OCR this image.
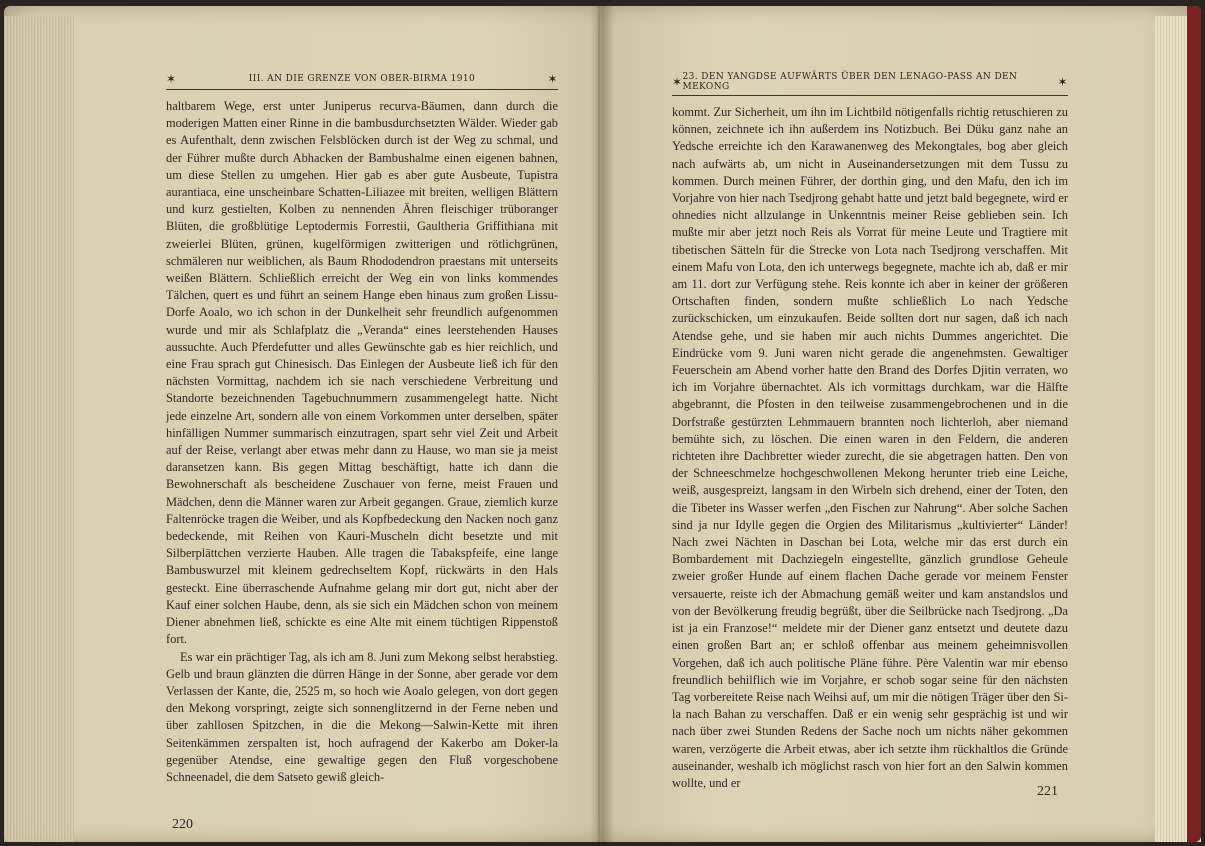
✶	III. AN DIE GRENZE VON OBER-BIRMA 1910	✶

haltbarem Wege, erst unter Juniperus recurva-Bäumen, dann durch die moderigen Matten einer Rinne in die bambusdurchsetzten Wälder. Wieder gab es Aufenthalt, denn zwischen Felsblöcken durch ist der Weg zu schmal, und der Führer mußte durch Abhacken der Bambushalme einen eigenen bahnen, um diese Stellen zu umgehen. Hier gab es aber gute Ausbeute, Tupistra aurantiaca, eine unscheinbare Schatten-Liliazee mit breiten, welligen Blättern und kurz gestielten, Kolben zu nennenden Ähren fleischiger trüboranger Blüten, die großblütige Leptodermis Forrestii, Gaultheria Griffithiana mit zweierlei Blüten, grünen, kugelförmigen zwitterigen und rötlichgrünen, schmäleren nur weiblichen, als Baum Rhododendron praestans mit unterseits weißen Blättern. Schließlich erreicht der Weg ein von links kommendes Tälchen, quert es und führt an seinem Hange eben hinaus zum großen Lissu-Dorfe Aoalo, wo ich schon in der Dunkelheit sehr freundlich aufgenommen wurde und mir als Schlafplatz die „Veranda“ eines leerstehenden Hauses aussuchte. Auch Pferdefutter und alles Gewünschte gab es hier reichlich, und eine Frau sprach gut Chinesisch. Das Einlegen der Ausbeute ließ ich für den nächsten Vormittag, nachdem ich sie nach verschiedene Verbreitung und Standorte bezeichnenden Tagebuchnummern zusammengelegt hatte. Nicht jede einzelne Art, sondern alle von einem Vorkommen unter derselben, später hinfälligen Nummer summarisch einzutragen, spart sehr viel Zeit und Arbeit auf der Reise, verlangt aber etwas mehr dann zu Hause, wo man sie ja meist daransetzen kann. Bis gegen Mittag beschäftigt, hatte ich dann die Bewohnerschaft als bescheidene Zuschauer von ferne, meist Frauen und Mädchen, denn die Männer waren zur Arbeit gegangen. Graue, ziemlich kurze Faltenröcke tragen die Weiber, und als Kopfbedeckung den Nacken noch ganz bedeckende, mit Reihen von Kauri-Muscheln dicht besetzte und mit Silberplättchen verzierte Hauben. Alle tragen die Tabakspfeife, eine lange Bambuswurzel mit kleinem gedrechseltem Kopf, rückwärts in den Hals gesteckt. Eine überraschende Aufnahme gelang mir dort gut, nicht aber der Kauf einer solchen Haube, denn, als sie sich ein Mädchen schon von meinem Diener abnehmen ließ, schickte es eine Alte mit einem tüchtigen Rippenstoß fort.

Es war ein prächtiger Tag, als ich am 8. Juni zum Mekong selbst herabstieg. Gelb und braun glänzten die dürren Hänge in der Sonne, aber gerade vor dem Verlassen der Kante, die, 2525 m, so hoch wie Aoalo gelegen, von dort gegen den Mekong vorspringt, zeigte sich sonnenglitzernd in der Ferne neben und über zahllosen Spitzchen, in die die Mekong—Salwin-Kette mit ihren Seitenkämmen zerspalten ist, hoch aufragend der Kakerbo am Doker-la gegenüber Atendse, eine gewaltige gegen den Fluß vorgeschobene Schneenadel, die dem Satseto gewiß gleich-

220
✶ 23. DEN YANGDSE AUFWÄRTS ÜBER DEN LENAGO-PASS AN DEN MEKONG	✶

kommt. Zur Sicherheit, um ihn im Lichtbild nötigenfalls richtig retuschieren zu können, zeichnete ich ihn außerdem ins Notizbuch. Bei Düku ganz nahe an Yedsche erreichte ich den Karawanenweg des Mekongtales, bog aber gleich nach aufwärts ab, um nicht in Auseinandersetzungen mit dem Tussu zu kommen. Durch meinen Führer, der dorthin ging, und den Mafu, den ich im Vorjahre von hier nach Tsedjrong gehabt hatte und jetzt bald begegnete, wird er ohnedies nicht allzulange in Unkenntnis meiner Reise geblieben sein. Ich mußte mir aber jetzt noch Reis als Vorrat für meine Leute und Tragtiere mit tibetischen Sätteln für die Strecke von Lota nach Tsedjrong verschaffen. Mit einem Mafu von Lota, den ich unterwegs begegnete, machte ich ab, daß er mir am 11. dort zur Verfügung stehe. Reis konnte ich aber in keiner der größeren Ortschaften finden, sondern mußte schließlich Lo nach Yedsche zurückschicken, um einzukaufen. Beide sollten dort nur sagen, daß ich nach Atendse gehe, und sie haben mir auch nichts Dummes angerichtet. Die Eindrücke vom 9. Juni waren nicht gerade die angenehmsten. Gewaltiger Feuerschein am Abend vorher hatte den Brand des Dorfes Djitin verraten, wo ich im Vorjahre übernachtet. Als ich vormittags durchkam, war die Hälfte abgebrannt, die Pfosten in den teilweise zusammengebrochenen und in die Dorfstraße gestürzten Lehmmauern brannten noch lichterloh, aber niemand bemühte sich, zu löschen. Die einen waren in den Feldern, die anderen richteten ihre Dachbretter wieder zurecht, die sie abgetragen hatten. Den von der Schneeschmelze hochgeschwollenen Mekong herunter trieb eine Leiche, weiß, ausgespreizt, langsam in den Wirbeln sich drehend, einer der Toten, den die Tibeter ins Wasser werfen „den Fischen zur Nahrung“. Aber solche Sachen sind ja nur Idylle gegen die Orgien des Militarismus „kultivierter“ Länder! Nach zwei Nächten in Daschan bei Lota, welche mir das erst durch ein Bombardement mit Dachziegeln eingestellte, gänzlich grundlose Geheule zweier großer Hunde auf einem flachen Dache gerade vor meinem Fenster versauerte, reiste ich der Abmachung gemäß weiter und kam anstandslos und von der Bevölkerung freudig begrüßt, über die Seilbrücke nach Tsedjrong. „Da ist ja ein Franzose!“ meldete mir der Diener ganz entsetzt und deutete dazu einen großen Bart an; er schloß offenbar aus meinem geheimnisvollen Vorgehen, daß ich auch politische Pläne führe. Père Valentin war mir ebenso freundlich behilflich wie im Vorjahre, er schob sogar seine für den nächsten Tag vorbereitete Reise nach Weihsi auf, um mir die nötigen Träger über den Si-la nach Bahan zu verschaffen. Daß er ein wenig sehr gesprächig ist und wir nach über zwei Stunden Redens der Sache noch um nichts näher gekommen waren, verzögerte die Arbeit etwas, aber ich setzte ihm rückhaltlos die Gründe auseinander, weshalb ich möglichst rasch von hier fort an den Salwin kommen wollte, und er

221
